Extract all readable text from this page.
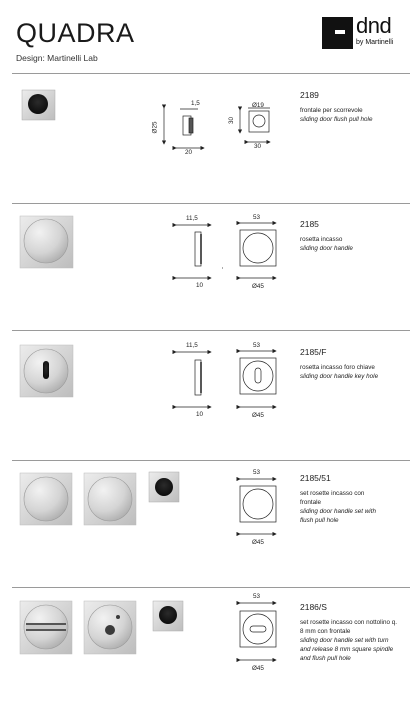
QUADRA
Design: Martinelli Lab
dnd
by Martinelli
1,5
Ø25
20
Ø19
30
30
11,5
10
53
Ø45
11,5
10
53
Ø45
53
Ø45
53
Ø45
2189
frontale per scorrevole
sliding door flush pull hole
2185
rosetta incasso
sliding door handle
2185/F
rosetta incasso foro chiave
sliding door handle key hole
2185/51
set rosette incasso con frontale
sliding door handle set with flush pull hole
2186/S
set rosette incasso con nottolino q. 8 mm con frontale
sliding door handle set with turn and release 8 mm square spindle and flush pull hole
